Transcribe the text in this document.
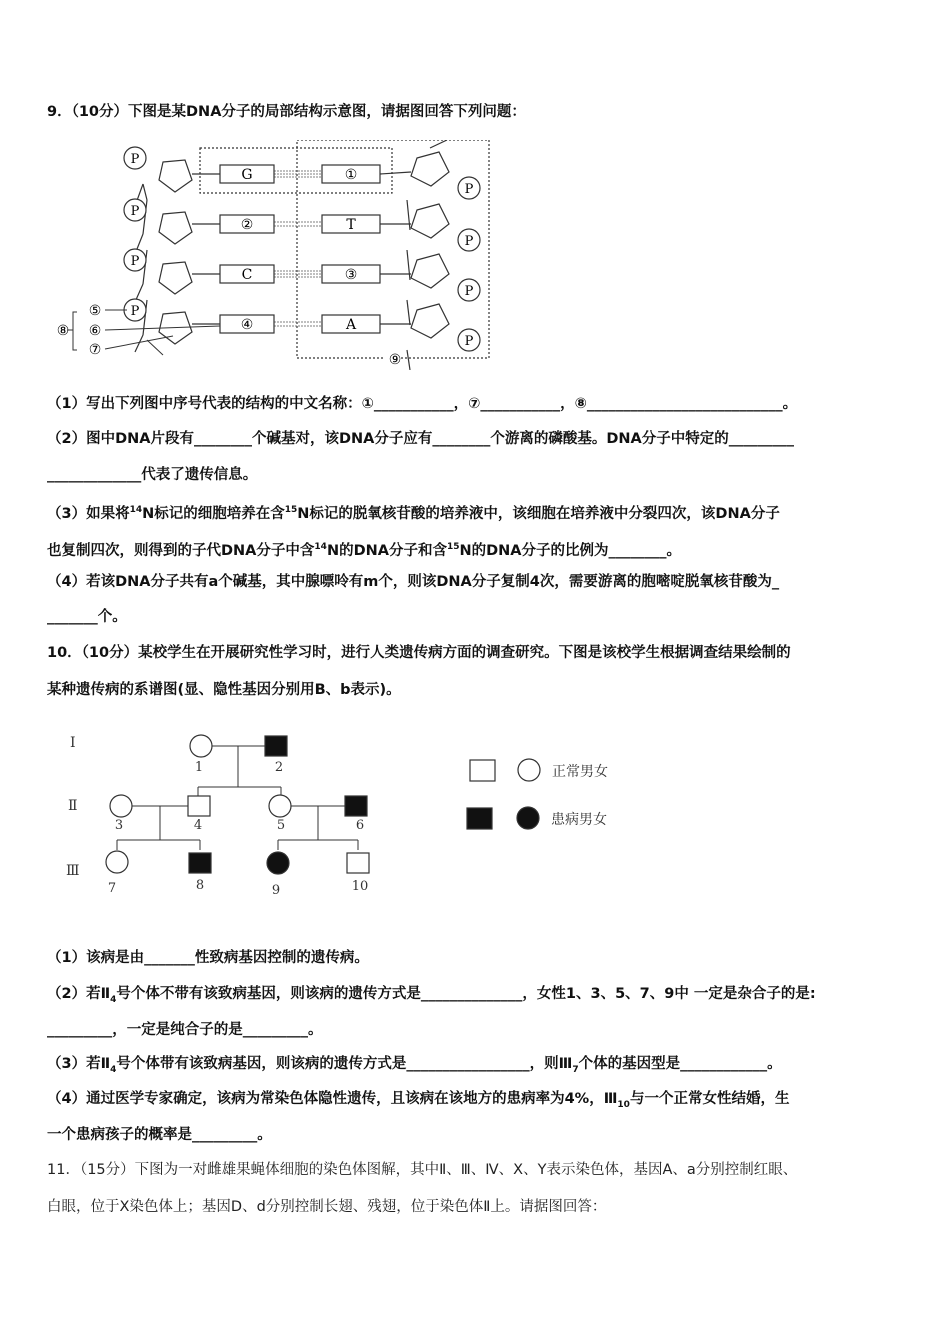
9．（10分）下图是某DNA分子的局部结构示意图，请据图回答下列问题：
P
P
P
P
P
P
P
P
G
②
C
④
①
T
③
A
⑤
⑥
⑦
⑧
⑨
（1）写出下列图中序号代表的结构的中文名称：①___________，⑦___________，⑧___________________________。
（2）图中DNA片段有________个碱基对，该DNA分子应有________个游离的磷酸基。DNA分子中特定的_________
_____________代表了遗传信息。
（3）如果将$^{14}$N标记的细胞培养在含$^{15}$N标记的脱氧核苷酸的培养液中，该细胞在培养液中分裂四次，该DNA分子
也复制四次，则得到的子代DNA分子中含$^{14}$N的DNA分子和含$^{15}$N的DNA分子的比例为________。
（4）若该DNA分子共有a个碱基，其中腺嘌呤有m个，则该DNA分子复制4次，需要游离的胞嘧啶脱氧核苷酸为_
_______个。
10．（10分）某校学生在开展研究性学习时，进行人类遗传病方面的调查研究。下图是该校学生根据调查结果绘制的
某种遗传病的系谱图(显、隐性基因分别用B、b表示)。
Ⅰ
Ⅱ
Ⅲ
1	2
3	4	5	6
7	8	9	10
正常男女
患病男女
（1）该病是由_______性致病基因控制的遗传病。
（2）若$Ⅱ_4$号个体不带有该致病基因，则该病的遗传方式是______________，女性1、3、5、7、9中 一定是杂合子的是:
_________，一定是纯合子的是_________。
（3）若$Ⅱ_4$号个体带有该致病基因，则该病的遗传方式是_________________，则$Ⅲ_7$个体的基因型是____________。
（4）通过医学专家确定，该病为常染色体隐性遗传，且该病在该地方的患病率为4%，$Ⅲ_{10}$与一个正常女性结婚，生
一个患病孩子的概率是_________。
11．（15分）下图为一对雌雄果蝇体细胞的染色体图解，其中Ⅱ、Ⅲ、Ⅳ、X、Y表示染色体，基因A、a分别控制红眼、
白眼，位于X染色体上；基因D、d分别控制长翅、残翅，位于染色体Ⅱ上。请据图回答：
